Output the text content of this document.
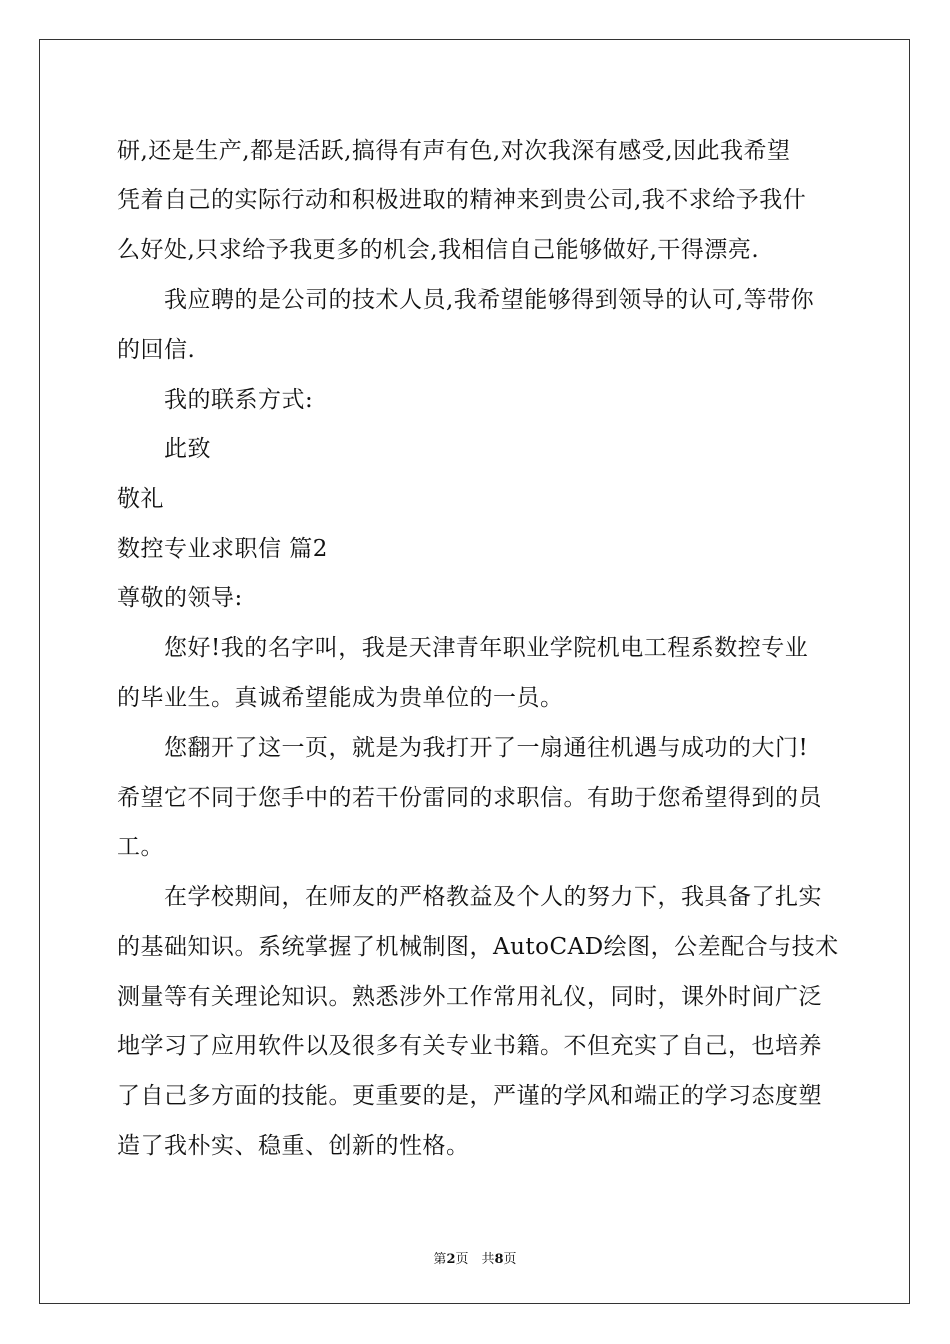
研,还是生产,都是活跃,搞得有声有色,对次我深有感受,因此我希望
凭着自己的实际行动和积极进取的精神来到贵公司,我不求给予我什
么好处,只求给予我更多的机会,我相信自己能够做好,干得漂亮.
我应聘的是公司的技术人员,我希望能够得到领导的认可,等带你
的回信.
我的联系方式:
此致
敬礼
数控专业求职信 篇2
尊敬的领导:
您好!我的名字叫，我是天津青年职业学院机电工程系数控专业
的毕业生。真诚希望能成为贵单位的一员。
您翻开了这一页，就是为我打开了一扇通往机遇与成功的大门!
希望它不同于您手中的若干份雷同的求职信。有助于您希望得到的员
工。
在学校期间，在师友的严格教益及个人的努力下，我具备了扎实
的基础知识。系统掌握了机械制图，AutoCAD绘图，公差配合与技术
测量等有关理论知识。熟悉涉外工作常用礼仪，同时，课外时间广泛
地学习了应用软件以及很多有关专业书籍。不但充实了自己，也培养
了自己多方面的技能。更重要的是，严谨的学风和端正的学习态度塑
造了我朴实、稳重、创新的性格。
第2页　共8页
